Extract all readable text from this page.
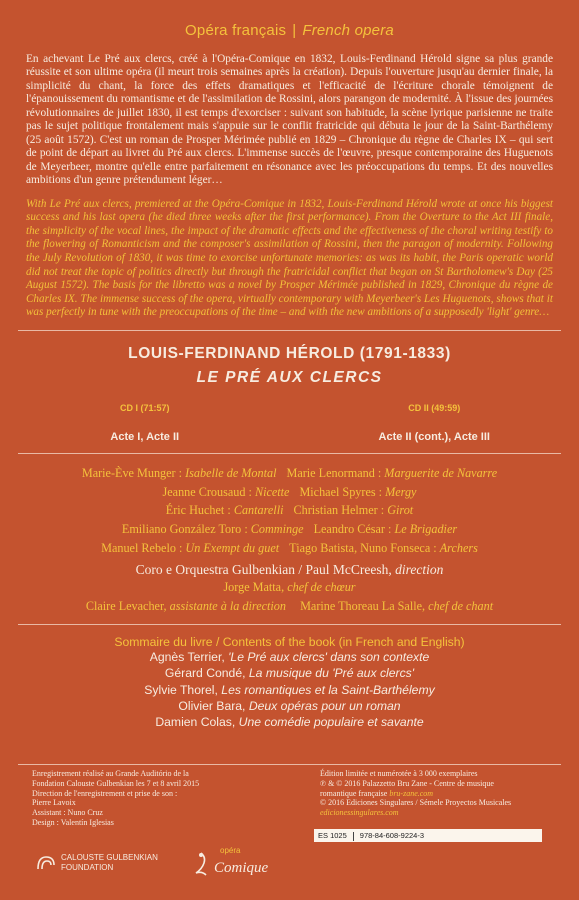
Opéra français | French opera
En achevant Le Pré aux clercs, créé à l'Opéra-Comique en 1832, Louis-Ferdinand Hérold signe sa plus grande réussite et son ultime opéra (il meurt trois semaines après la création). Depuis l'ouverture jusqu'au dernier finale, la simplicité du chant, la force des effets dramatiques et l'efficacité de l'écriture chorale témoignent de l'épanouissement du romantisme et de l'assimilation de Rossini, alors parangon de modernité. À l'issue des journées révolutionnaires de juillet 1830, il est temps d'exorciser : suivant son habitude, la scène lyrique parisienne ne traite pas le sujet politique frontalement mais s'appuie sur le conflit fratricide qui débuta le jour de la Saint-Barthélemy (25 août 1572). C'est un roman de Prosper Mérimée publié en 1829 – Chronique du règne de Charles IX – qui sert de point de départ au livret du Pré aux clercs. L'immense succès de l'œuvre, presque contemporaine des Huguenots de Meyerbeer, montre qu'elle entre parfaitement en résonance avec les préoccupations du temps. Et des nouvelles ambitions d'un genre prétendument léger…
With Le Pré aux clercs, premiered at the Opéra-Comique in 1832, Louis-Ferdinand Hérold wrote at once his biggest success and his last opera (he died three weeks after the first performance). From the Overture to the Act III finale, the simplicity of the vocal lines, the impact of the dramatic effects and the effectiveness of the choral writing testify to the flowering of Romanticism and the composer's assimilation of Rossini, then the paragon of modernity. Following the July Revolution of 1830, it was time to exorcise unfortunate memories: as was its habit, the Paris operatic world did not treat the topic of politics directly but through the fratricidal conflict that began on St Bartholomew's Day (25 August 1572). The basis for the libretto was a novel by Prosper Mérimée published in 1829, Chronique du règne de Charles IX. The immense success of the opera, virtually contemporary with Meyerbeer's Les Huguenots, shows that it was perfectly in tune with the preoccupations of the time – and with the new ambitions of a supposedly 'light' genre…
LOUIS-FERDINAND HÉROLD (1791-1833)
LE PRÉ AUX CLERCS
CD I (71:57)	CD II (49:59)
Acte I, Acte II	Acte II (cont.), Acte III
Marie-Ève Munger : Isabelle de Montal Marie Lenormand : Marguerite de Navarre
Jeanne Crousaud : Nicette Michael Spyres : Mergy
Éric Huchet : Cantarelli Christian Helmer : Girot
Emiliano González Toro : Comminge Leandro César : Le Brigadier
Manuel Rebelo : Un Exempt du guet Tiago Batista, Nuno Fonseca : Archers
Coro e Orquestra Gulbenkian / Paul McCreesh, direction
Jorge Matta, chef de chœur
Claire Levacher, assistante à la direction Marine Thoreau La Salle, chef de chant
Sommaire du livre / Contents of the book (in French and English)
Agnès Terrier, 'Le Pré aux clercs' dans son contexte
Gérard Condé, La musique du 'Pré aux clercs'
Sylvie Thorel, Les romantiques et la Saint-Barthélemy
Olivier Bara, Deux opéras pour un roman
Damien Colas, Une comédie populaire et savante
Enregistrement réalisé au Grande Auditório de la
Fondation Calouste Gulbenkian les 7 et 8 avril 2015
Direction de l'enregistrement et prise de son :
Pierre Lavoix
Assistant : Nuno Cruz
Design : Valentín Iglesias
Édition limitée et numérotée à 3 000 exemplaires
℗ & © 2016 Palazzetto Bru Zane - Centre de musique
romantique française bru-zane.com
© 2016 Ediciones Singulares / Sémele Proyectos Musicales
edicionessingulares.com
ES 1025 978-84-608-9224-3
CALOUSTE GULBENKIAN
FOUNDATION
opéra
Comique
